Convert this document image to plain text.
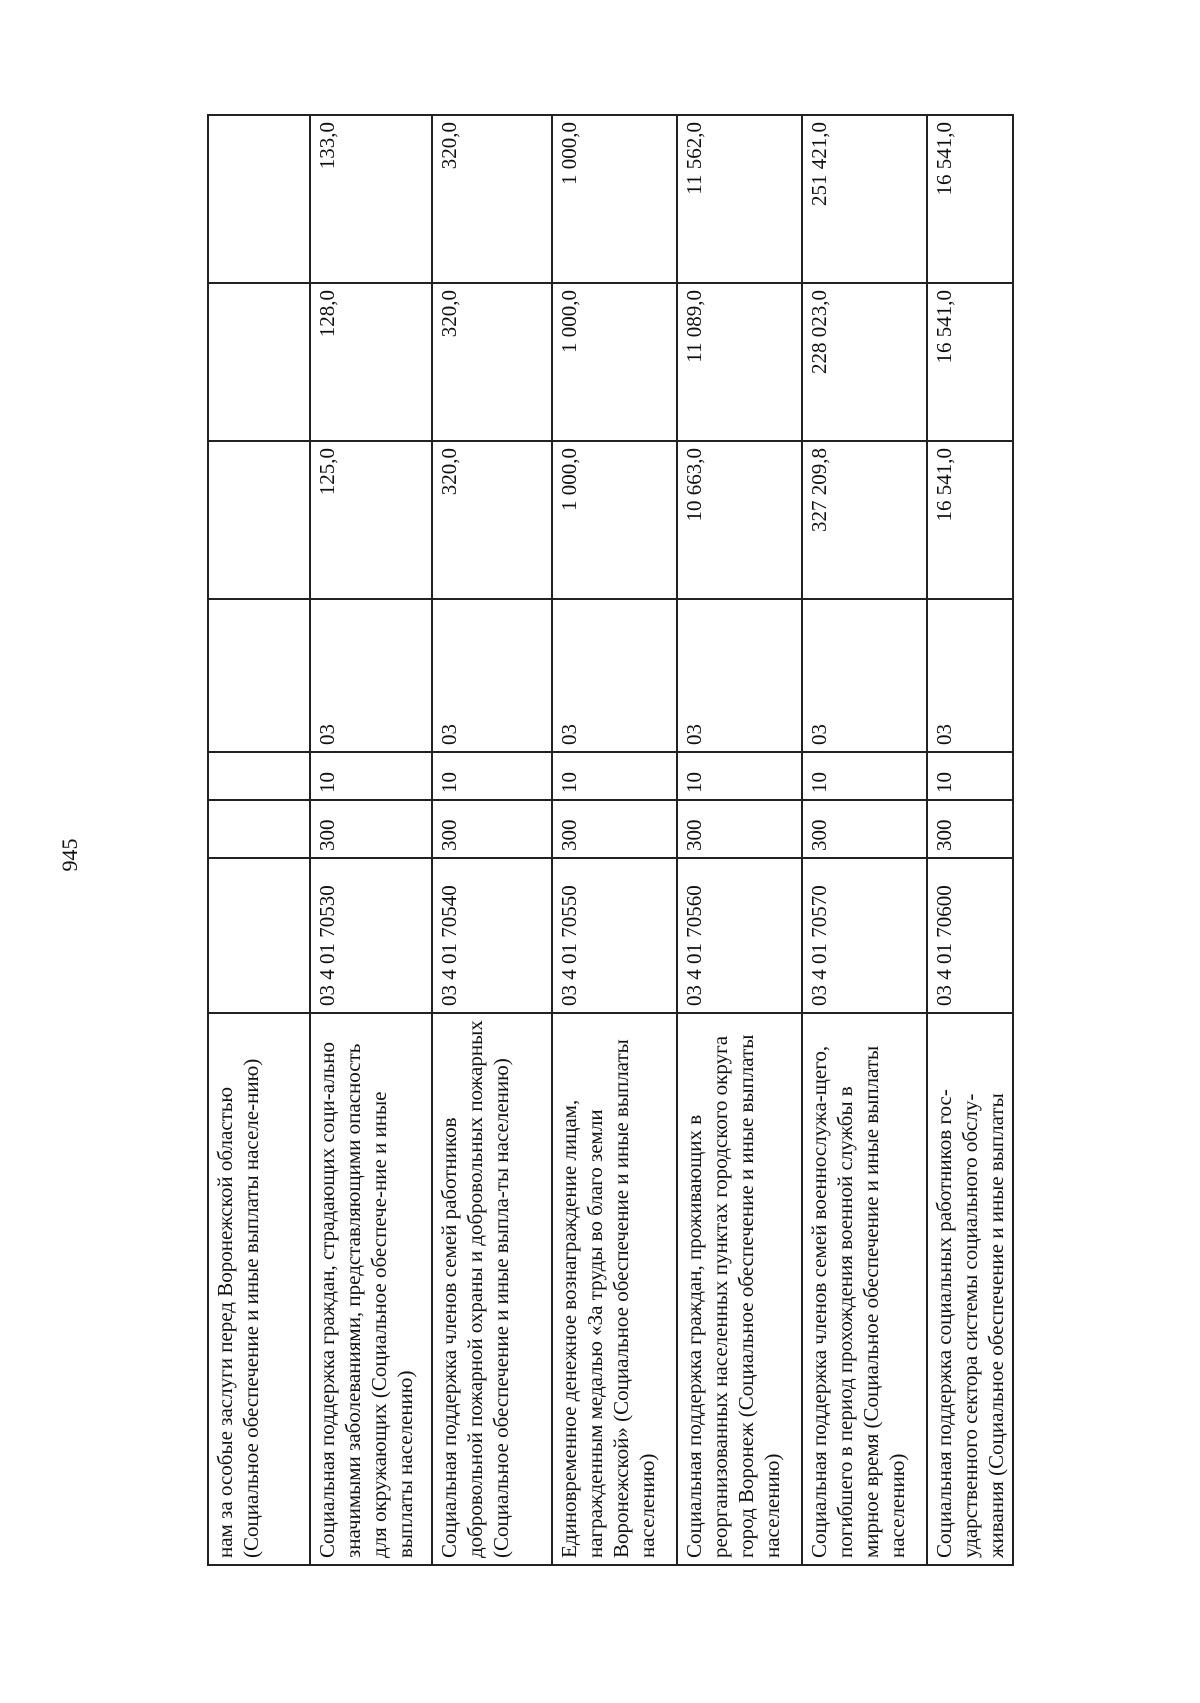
945
нам за особые заслуги перед Воронежской областью (Социальное обеспечение и иные выплаты населе-нию)							
Социальная поддержка граждан, страдающих соци-ально значимыми заболеваниями, представляющими опасность для окружающих (Социальное обеспече-ние и иные выплаты населению)	03 4 01 70530	300	10	03	125,0	128,0	133,0
Социальная поддержка членов семей работников добровольной пожарной охраны и добровольных пожарных (Социальное обеспечение и иные выпла-ты населению)	03 4 01 70540	300	10	03	320,0	320,0	320,0
Единовременное денежное вознаграждение лицам, награжденным медалью «За труды во благо земли Воронежской» (Социальное обеспечение и иные выплаты населению)	03 4 01 70550	300	10	03	1 000,0	1 000,0	1 000,0
Социальная поддержка граждан, проживающих в реорганизованных населенных пунктах городского округа город Воронеж (Социальное обеспечение и иные выплаты населению)	03 4 01 70560	300	10	03	10 663,0	11 089,0	11 562,0
Социальная поддержка членов семей военнослужа-щего, погибшего в период прохождения военной службы в мирное время (Социальное обеспечение и иные выплаты населению)	03 4 01 70570	300	10	03	327 209,8	228 023,0	251 421,0
Социальная поддержка социальных работников гос-ударственного сектора системы социального обслу-живания (Социальное обеспечение и иные выплаты	03 4 01 70600	300	10	03	16 541,0	16 541,0	16 541,0
